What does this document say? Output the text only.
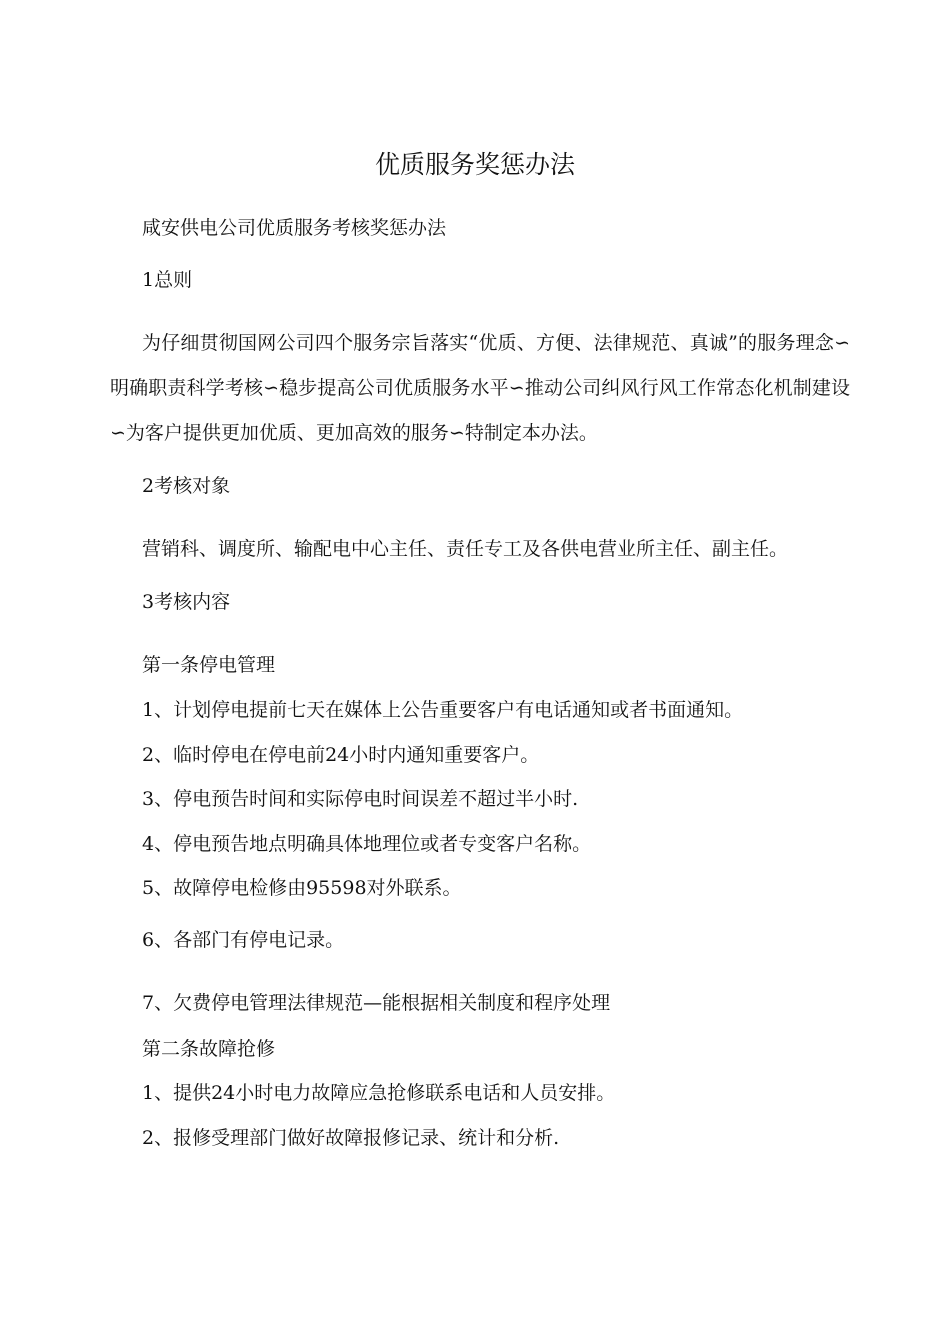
优质服务奖惩办法
咸安供电公司优质服务考核奖惩办法
1总则
为仔细贯彻国网公司四个服务宗旨落实“优质、方便、法律规范、真诚”的服务理念∽明确职责科学考核∽稳步提高公司优质服务水平∽推动公司纠风行风工作常态化机制建设∽为客户提供更加优质、更加高效的服务∽特制定本办法。
2考核对象
营销科、调度所、输配电中心主任、责任专工及各供电营业所主任、副主任。
3考核内容
第一条停电管理
1、计划停电提前七天在媒体上公告重要客户有电话通知或者书面通知。
2、临时停电在停电前24小时内通知重要客户。
3、停电预告时间和实际停电时间误差不超过半小时.
4、停电预告地点明确具体地理位或者专变客户名称。
5、故障停电检修由95598对外联系。
6、各部门有停电记录。
7、欠费停电管理法律规范—能根据相关制度和程序处理
第二条故障抢修
1、提供24小时电力故障应急抢修联系电话和人员安排。
2、报修受理部门做好故障报修记录、统计和分析.
